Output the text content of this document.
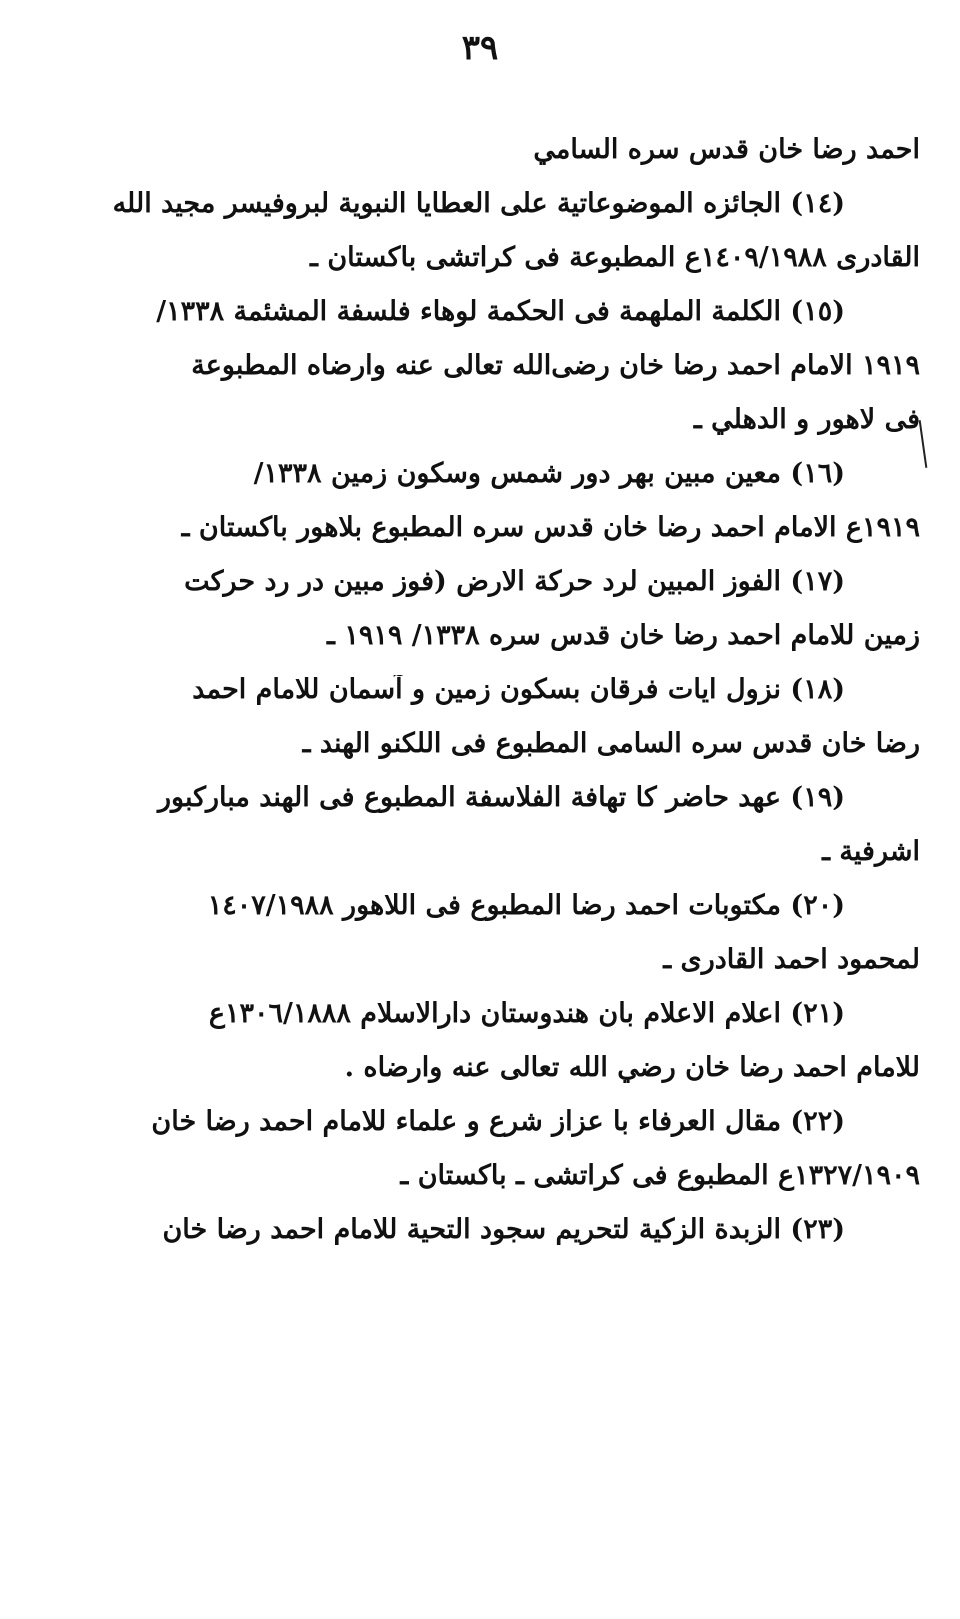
٣٩
احمد رضا خان قدس سره السامي
(١٤) الجائزه الموضوعاتية على العطايا النبوية لبروفيسر مجيد الله
القادری ١٤٠٩/١٩٨٨ع المطبوعة فی کراتشی باکستان ـ
(١٥) الكلمة الملهمة فى الحكمة لوهاء فلسفة المشئمة ١٣٣٨/
١٩١٩ الامام احمد رضا خان رضی‌الله تعالى عنه وارضاه المطبوعة
فى لاهور و الدهلي ـ
(١٦) معين مبين بهر دور شمس وسكون زمين ١٣٣٨/
١٩١٩ع الامام احمد رضا خان قدس سره المطبوع بلاهور باكستان ـ
(١٧) الفوز المبين لرد حركة الارض (فوز مبين در رد حركت
زمين للامام احمد رضا خان قدس سره ١٣٣٨/ ١٩١٩ ـ
(١٨) نزول ايات فرقان بسكون زمين و آسمان للامام احمد
رضا خان قدس سره السامى المطبوع فى اللكنو الهند ـ
(١٩) عهد حاضر كا تهافة الفلاسفة المطبوع فى الهند مباركبور
اشرفية ـ
(٢٠) مكتوبات احمد رضا المطبوع فى اللاهور ١٤٠٧/١٩٨٨
لمحمود احمد القادرى ـ
(٢١) اعلام الاعلام بان هندوستان دارالاسلام ١٣٠٦/١٨٨٨ع
للامام احمد رضا خان رضي الله تعالى عنه وارضاه .
(٢٢) مقال العرفاء با عزاز شرع و علماء للامام احمد رضا خان
١٣٢٧/١٩٠٩ع المطبوع فى كراتشى ـ باكستان ـ
(٢٣) الزبدة الزكية لتحريم سجود التحية للامام احمد رضا خان
